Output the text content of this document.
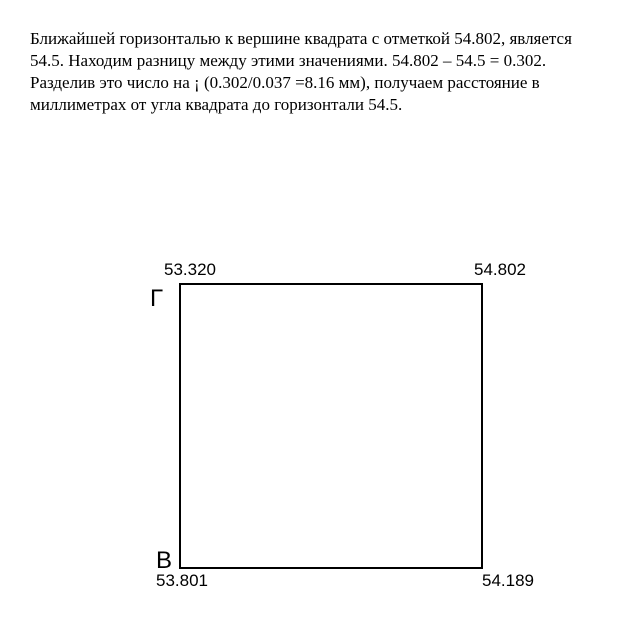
Ближайшей горизонталью к вершине квадрата с отметкой 54.802, является 54.5. Находим разницу между этими значениями. 54.802 – 54.5 = 0.302.

Разделив это число на ¡ (0.302/0.037 =8.16 мм), получаем расстояние в миллиметрах от угла квадрата до горизонтали 54.5.

53.320	54.802
53.801	54.189
Г
В
